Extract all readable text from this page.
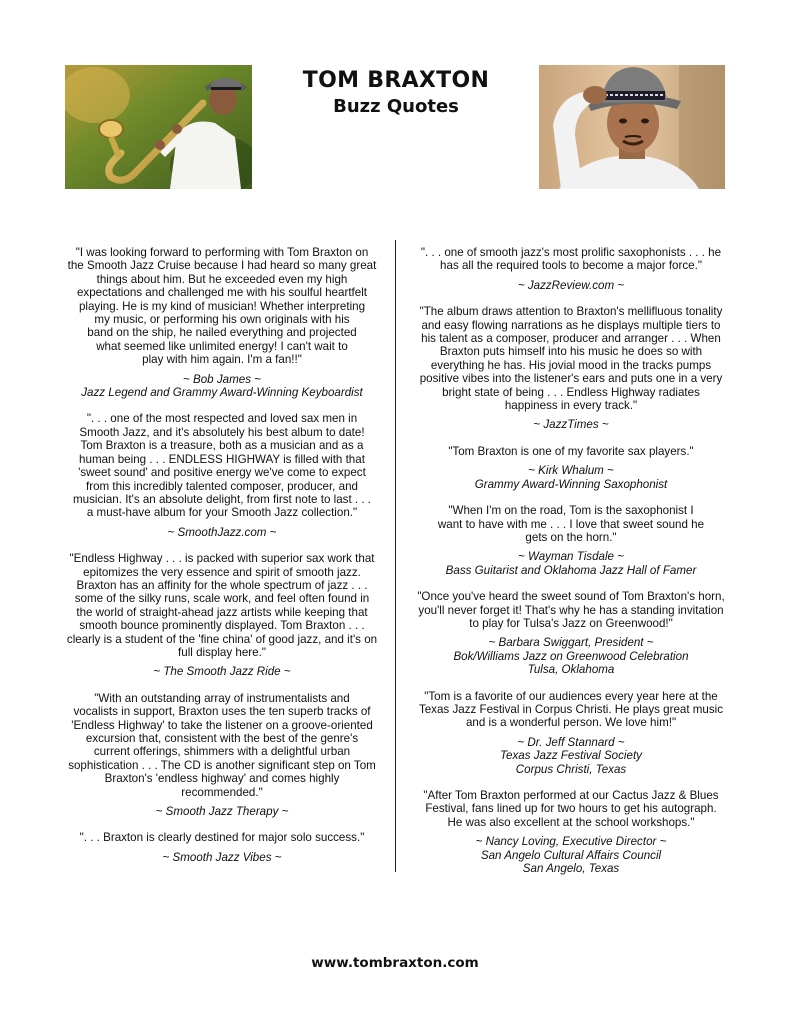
TOM BRAXTON

Buzz Quotes

"I was looking forward to performing with Tom Braxton on
the Smooth Jazz Cruise because I had heard so many great
things about him. But he exceeded even my high
expectations and challenged me with his soulful heartfelt
playing. He is my kind of musician! Whether interpreting
my music, or performing his own originals with his
band on the ship, he nailed everything and projected
what seemed like unlimited energy! I can't wait to
play with him again. I'm a fan!!"

~ Bob James ~
Jazz Legend and Grammy Award-Winning Keyboardist

". . . one of the most respected and loved sax men in
Smooth Jazz, and it's absolutely his best album to date!
Tom Braxton is a treasure, both as a musician and as a
human being . . . ENDLESS HIGHWAY is filled with that
'sweet sound' and positive energy we've come to expect
from this incredibly talented composer, producer, and
musician. It's an absolute delight, from first note to last . . .
a must-have album for your Smooth Jazz collection."

~ SmoothJazz.com ~

"Endless Highway . . . is packed with superior sax work that
epitomizes the very essence and spirit of smooth jazz.
Braxton has an affinity for the whole spectrum of jazz . . .
some of the silky runs, scale work, and feel often found in
the world of straight-ahead jazz artists while keeping that
smooth bounce prominently displayed. Tom Braxton . . .
clearly is a student of the 'fine china' of good jazz, and it's on
full display here."

~ The Smooth Jazz Ride ~

"With an outstanding array of instrumentalists and
vocalists in support, Braxton uses the ten superb tracks of
'Endless Highway' to take the listener on a groove-oriented
excursion that, consistent with the best of the genre's
current offerings, shimmers with a delightful urban
sophistication . . . The CD is another significant step on Tom
Braxton's 'endless highway' and comes highly
recommended."

~ Smooth Jazz Therapy ~

". . . Braxton is clearly destined for major solo success."

~ Smooth Jazz Vibes ~

". . . one of smooth jazz's most prolific saxophonists . . . he
has all the required tools to become a major force."

~ JazzReview.com ~

"The album draws attention to Braxton's mellifluous tonality
and easy flowing narrations as he displays multiple tiers to
his talent as a composer, producer and arranger . . . When
Braxton puts himself into his music he does so with
everything he has. His jovial mood in the tracks pumps
positive vibes into the listener's ears and puts one in a very
bright state of being . . . Endless Highway radiates
happiness in every track."

~ JazzTimes ~

"Tom Braxton is one of my favorite sax players."

~ Kirk Whalum ~
Grammy Award-Winning Saxophonist

"When I'm on the road, Tom is the saxophonist I
want to have with me . . . I love that sweet sound he
gets on the horn."

~ Wayman Tisdale ~
Bass Guitarist and Oklahoma Jazz Hall of Famer

"Once you've heard the sweet sound of Tom Braxton's horn,
you'll never forget it! That's why he has a standing invitation
to play for Tulsa's Jazz on Greenwood!"

~ Barbara Swiggart, President ~
Bok/Williams Jazz on Greenwood Celebration
Tulsa, Oklahoma

"Tom is a favorite of our audiences every year here at the
Texas Jazz Festival in Corpus Christi. He plays great music
and is a wonderful person. We love him!"

~ Dr. Jeff Stannard ~
Texas Jazz Festival Society
Corpus Christi, Texas

"After Tom Braxton performed at our Cactus Jazz & Blues
Festival, fans lined up for two hours to get his autograph.
He was also excellent at the school workshops."

~ Nancy Loving, Executive Director ~
San Angelo Cultural Affairs Council
San Angelo, Texas

www.tombraxton.com
